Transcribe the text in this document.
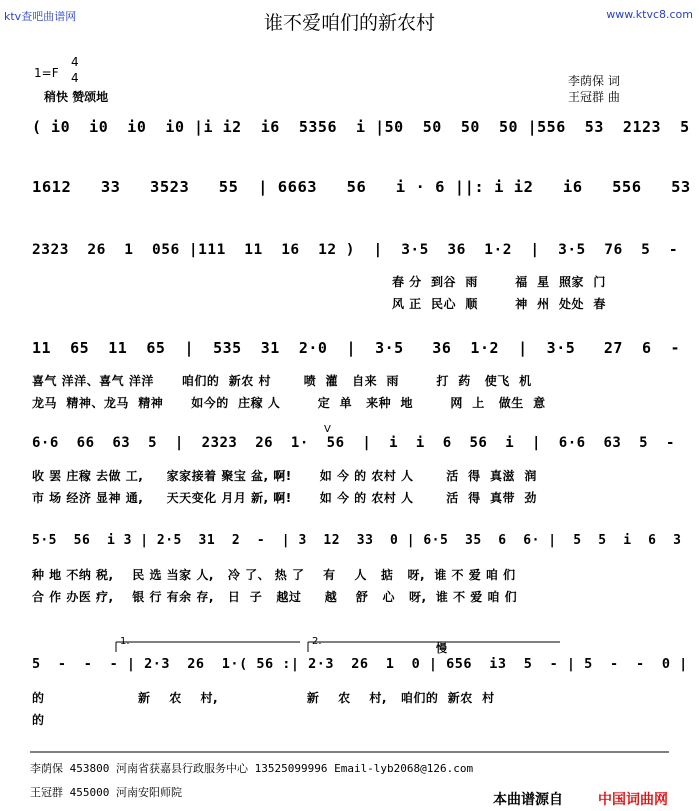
ktv查吧曲谱网	www.ktvc8.com
谁不爱咱们的新农村
1=F
4
4
稍快 赞颂地
李荫保 词
王冠群 曲
( i0  i0  i0  i0 |i i2  i6  5356  i |50  50  50  50 |556  53  2123  5
1612   33   3523   55  | 6663   56   i · 6 ||: i i2   i6   556   53
2323  26  1  056 |111  11  16  12 )  |  3·5  36  1·2  |  3·5  76  5  -
春 分  到谷  雨        福  星  照家  门
风 正  民心  顺        神  州  处处  春
11  65  11  65  |  535  31  2·0  |  3·5   36  1·2  |  3·5   27  6  -
喜气 洋洋、喜气 洋洋      咱们的  新农 村       喷  灌   自来  雨        打  药   使飞  机
龙马  精神、龙马  精神      如今的  庄稼 人        定  单   来种  地        网  上   做生  意
6·6  66  63  5  |  2323  26  1·  56  |  i  i  6  56  i  |  6·6  63  5  -
V
收 罢 庄稼 去做 工,     家家接着 聚宝 盆, 啊!      如 今 的 农村 人       活  得  真滋  润
市 场 经济 显神 通,     天天变化 月月 新, 啊!      如 今 的 农村 人       活  得  真带  劲
5·5  56  i 3 | 2·5  31  2  -  | 3  12  33  0 | 6·5  35  6  6· |  5  5  i  6  3
种 地 不纳 税,    民 选 当家 人,   冷 了、 热 了    有    人   掂   呀,  谁 不 爱 咱 们
合 作 办医 疗,    银 行 有余 存,   日  子   越过     越    舒   心   呀,  谁 不 爱 咱 们
1.	2.
慢
5  -  -  - | 2·3  26  1·( 56 :| 2·3  26  1  0 | 656  i3  5  - | 5  -  -  0 |
的                    新    农    村,                   新    农    村,   咱们的  新农  村
的
李荫保 453800 河南省获嘉县行政服务中心 13525099996 Email-lyb2068@126.com
王冠群 455000 河南安阳师院	本曲谱源自	中国词曲网
